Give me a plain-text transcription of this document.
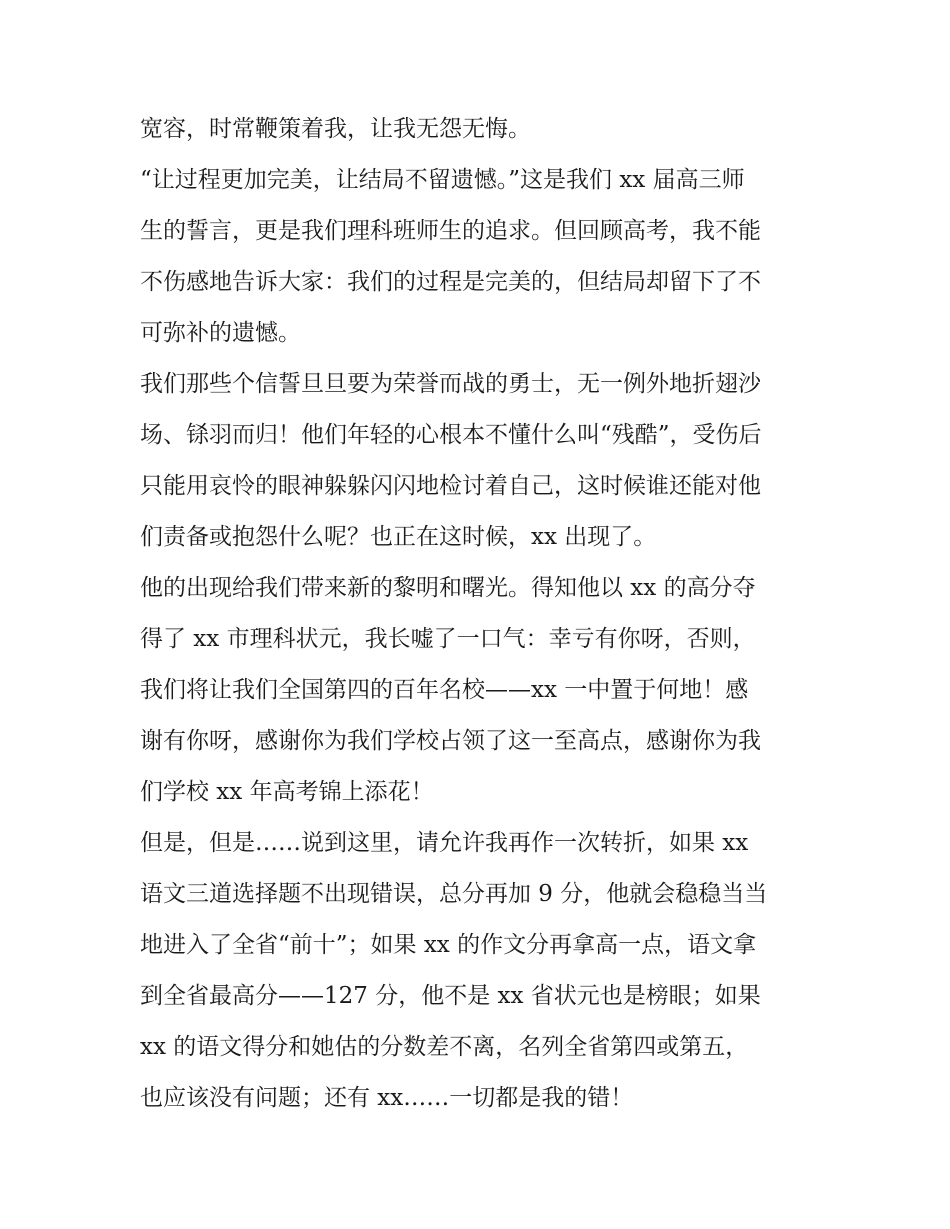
宽容，时常鞭策着我，让我无怨无悔。
“让过程更加完美，让结局不留遗憾。”这是我们 xx 届高三师
生的誓言，更是我们理科班师生的追求。但回顾高考，我不能
不伤感地告诉大家：我们的过程是完美的，但结局却留下了不
可弥补的遗憾。
我们那些个信誓旦旦要为荣誉而战的勇士，无一例外地折翅沙
场、铩羽而归！他们年轻的心根本不懂什么叫“残酷”，受伤后
只能用哀怜的眼神躲躲闪闪地检讨着自己，这时候谁还能对他
们责备或抱怨什么呢？也正在这时候，xx 出现了。
他的出现给我们带来新的黎明和曙光。得知他以 xx 的高分夺
得了 xx 市理科状元，我长嘘了一口气：幸亏有你呀，否则，
我们将让我们全国第四的百年名校——xx 一中置于何地！感
谢有你呀，感谢你为我们学校占领了这一至高点，感谢你为我
们学校 xx 年高考锦上添花！
但是，但是……说到这里，请允许我再作一次转折，如果 xx
语文三道选择题不出现错误，总分再加 9 分，他就会稳稳当当
地进入了全省“前十”；如果 xx 的作文分再拿高一点，语文拿
到全省最高分——127 分，他不是 xx 省状元也是榜眼；如果
xx 的语文得分和她估的分数差不离，名列全省第四或第五，
也应该没有问题；还有 xx……一切都是我的错！
